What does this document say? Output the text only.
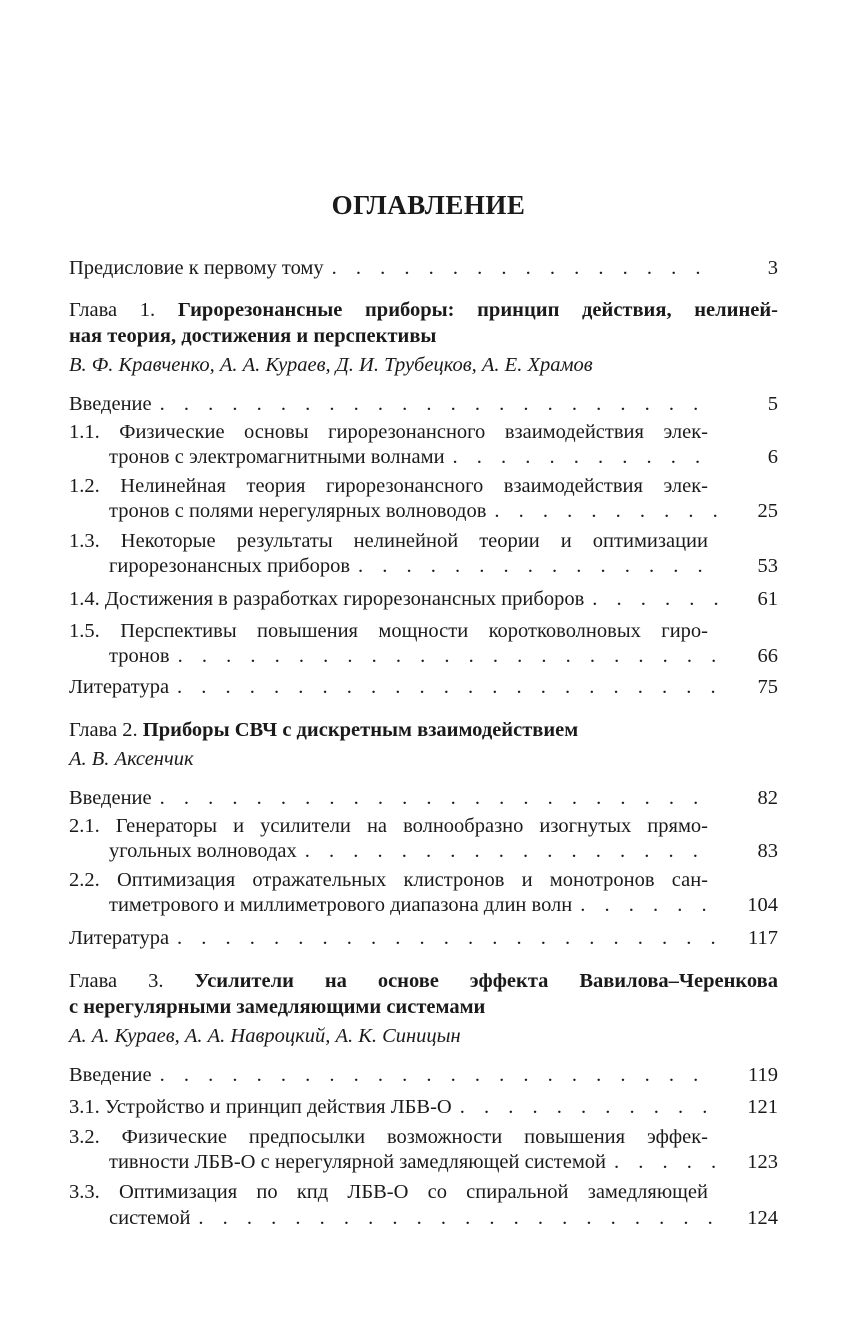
ОГЛАВЛЕНИЕ
Предисловие к первому тому . . .	3
Глава 1. Гирорезонансные приборы: принцип действия, нелиней-
ная теория, достижения и перспективы
В. Ф. Кравченко, А. А. Кураев, Д. И. Трубецков, А. Е. Храмов
Введение . . .	5
1.1. Физические основы гирорезонансного взаимодействия элек-
тронов с электромагнитными волнами . . .	6
1.2. Нелинейная теория гирорезонансного взаимодействия элек-
тронов с полями нерегулярных волноводов . . .	25
1.3. Некоторые результаты нелинейной теории и оптимизации
гирорезонансных приборов . . .	53
1.4. Достижения в разработках гирорезонансных приборов . . .	61
1.5. Перспективы повышения мощности коротковолновых гиро-
тронов . . .	66
Литература . . .	75
Глава 2. Приборы СВЧ с дискретным взаимодействием
А. В. Аксенчик
Введение . . .	82
2.1. Генераторы и усилители на волнообразно изогнутых прямо-
угольных волноводах . . .	83
2.2. Оптимизация отражательных клистронов и монотронов сан-
тиметрового и миллиметрового диапазона длин волн . . .	104
Литература . . .	117
Глава 3. Усилители на основе эффекта Вавилова–Черенкова
с нерегулярными замедляющими системами
А. А. Кураев, А. А. Навроцкий, А. К. Синицын
Введение . . .	119
3.1. Устройство и принцип действия ЛБВ-О . . .	121
3.2. Физические предпосылки возможности повышения эффек-
тивности ЛБВ-О с нерегулярной замедляющей системой . . .	123
3.3. Оптимизация по кпд ЛБВ-О со спиральной замедляющей
системой . . .	124
